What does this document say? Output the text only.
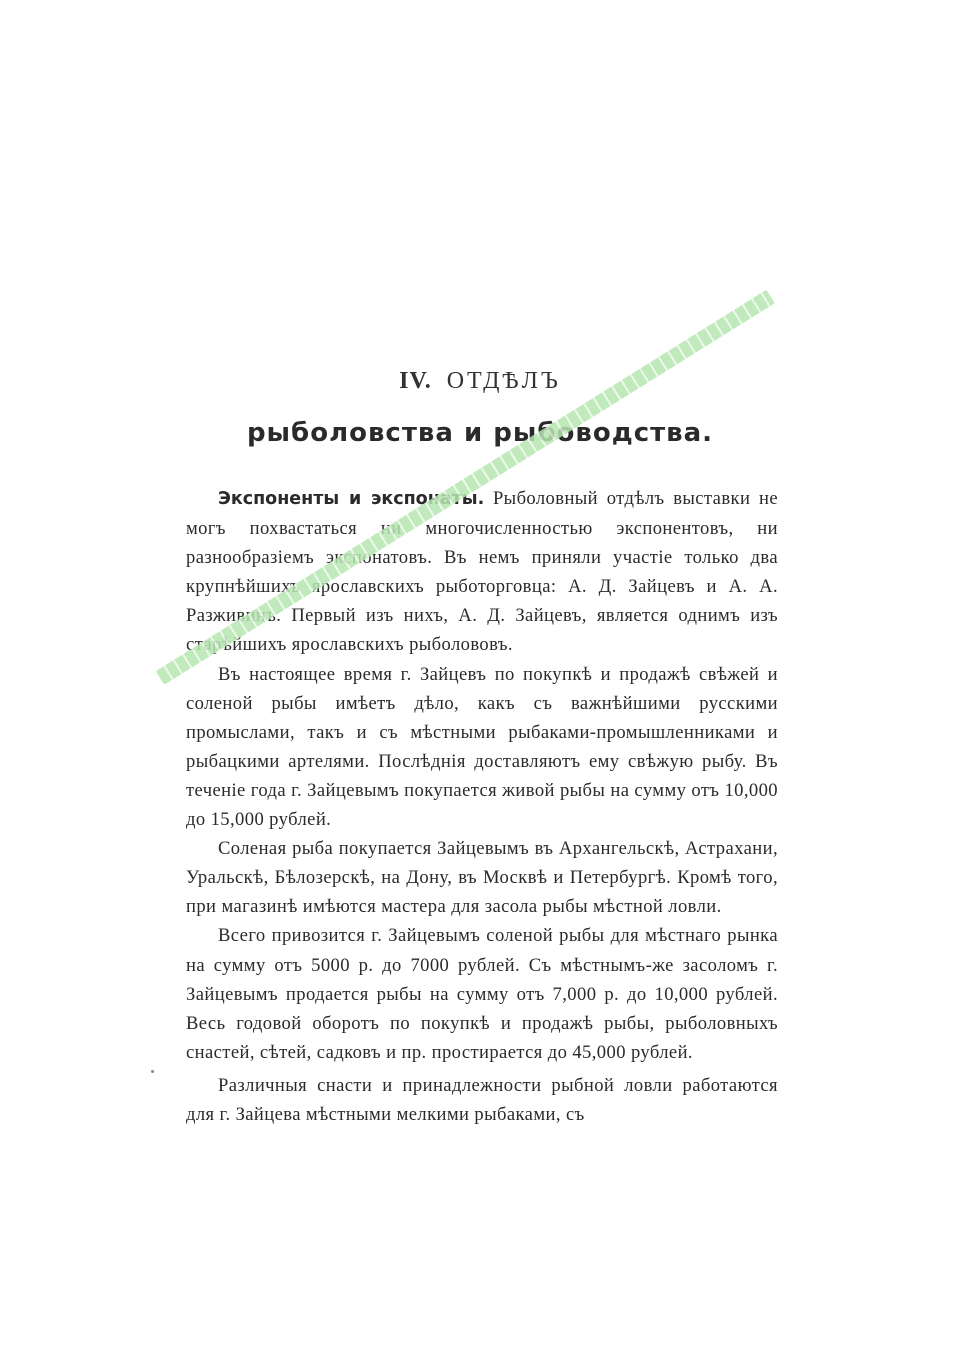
IV. ОТДѢЛЪ
рыболовства и рыбоводства.

Экспоненты и экспонаты. Рыболовный отдѣлъ выставки не могъ похвастаться ни многочисленностью экспонентовъ, ни разнообразіемъ экспонатовъ. Въ немъ приняли участіе только два крупнѣйшихъ ярославскихъ рыботорговца: А. Д. Зайцевъ и А. А. Разживинъ. Первый изъ нихъ, А. Д. Зайцевъ, является однимъ изъ старѣйшихъ ярославскихъ рыболововъ.

Въ настоящее время г. Зайцевъ по покупкѣ и продажѣ свѣжей и соленой рыбы имѣетъ дѣло, какъ съ важнѣйшими русскими промыслами, такъ и съ мѣстными рыбаками-промышленниками и рыбацкими артелями. Послѣднія доставляютъ ему свѣжую рыбу. Въ теченіе года г. Зайцевымъ покупается живой рыбы на сумму отъ 10,000 до 15,000 рублей.

Соленая рыба покупается Зайцевымъ въ Архангельскѣ, Астрахани, Уральскѣ, Бѣлозерскѣ, на Дону, въ Москвѣ и Петербургѣ. Кромѣ того, при магазинѣ имѣются мастера для засола рыбы мѣстной ловли.

Всего привозится г. Зайцевымъ соленой рыбы для мѣстнаго рынка на сумму отъ 5000 р. до 7000 рублей. Съ мѣстнымъ-же засоломъ г. Зайцевымъ продается рыбы на сумму отъ 7,000 р. до 10,000 рублей. Весь годовой оборотъ по покупкѣ и продажѣ рыбы, рыболовныхъ снастей, сѣтей, садковъ и пр. простирается до 45,000 рублей.

Различныя снасти и принадлежности рыбной ловли работаются для г. Зайцева мѣстными мелкими рыбаками, съ
